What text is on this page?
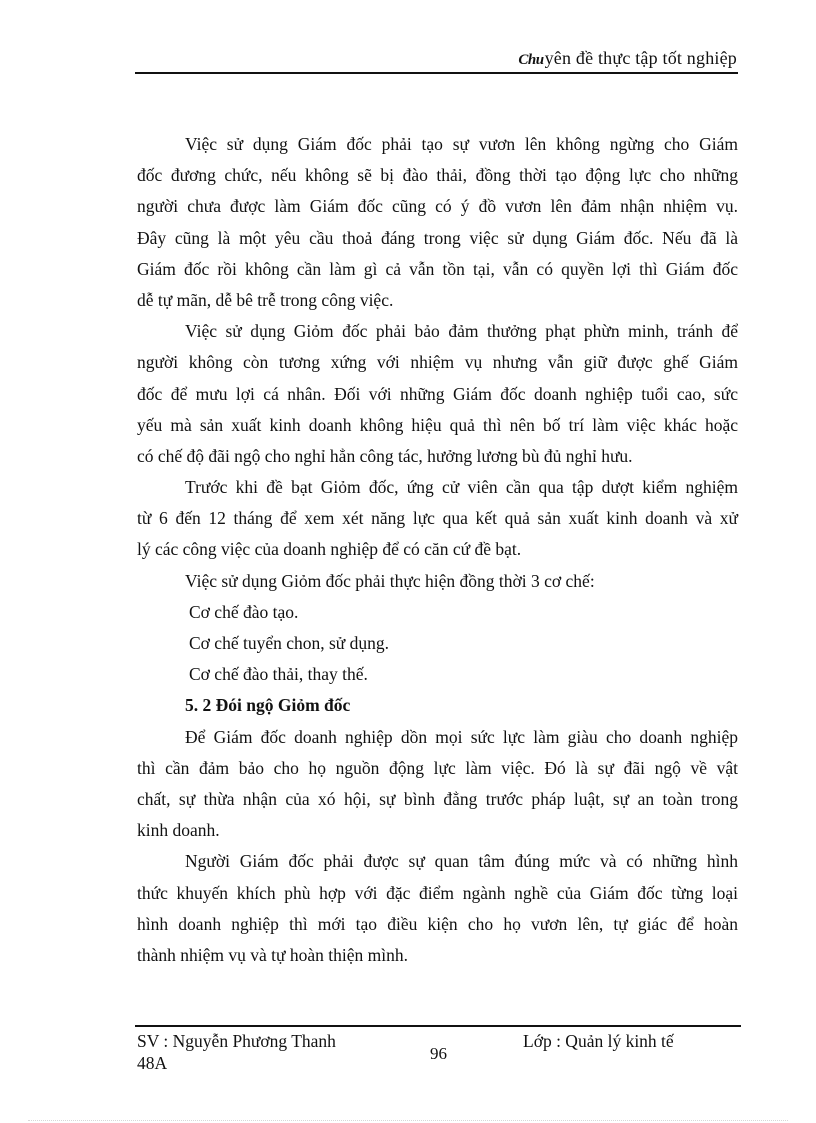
Chuyên đề thực tập tốt nghiệp
Việc sử dụng Giám đốc phải tạo sự vươn lên không ngừng cho Giám
đốc đương chức, nếu không sẽ bị đào thải, đồng thời tạo động lực cho những
người chưa được làm Giám đốc cũng có ý đồ vươn lên đảm nhận nhiệm vụ.
Đây cũng là một yêu cầu thoả đáng trong việc sử dụng Giám đốc. Nếu đã là
Giám đốc rồi không cần làm gì cả vẫn tồn tại, vẫn có quyền lợi thì Giám đốc
dễ tự mãn, dễ bê trễ trong công việc.
Việc sử dụng Giỏm đốc phải bảo đảm thưởng phạt phừn minh, tránh để
người không còn tương xứng với nhiệm vụ nhưng vẫn giữ được ghế Giám
đốc để mưu lợi cá nhân. Đối với những Giám đốc doanh nghiệp tuổi cao, sức
yếu mà sản xuất kinh doanh không hiệu quả thì nên bố trí làm việc khác hoặc
có chế độ đãi ngộ cho nghỉ hẳn công tác, hưởng lương bù đủ nghỉ hưu.
Trước khi đề bạt Giỏm đốc, ứng cử viên cần qua tập dượt kiểm nghiệm
từ 6 đến 12 tháng để xem xét năng lực qua kết quả sản xuất kinh doanh và xử
lý các công việc của doanh nghiệp để có căn cứ đề bạt.
Việc sử dụng Giỏm đốc phải thực hiện đồng thời 3 cơ chế:
Cơ chế đào tạo.
Cơ chế tuyển chon, sử dụng.
Cơ chế đào thải, thay thế.
5. 2 Đói ngộ Giỏm đốc
Để Giám đốc doanh nghiệp dồn mọi sức lực làm giàu cho doanh nghiệp
thì cần đảm bảo cho họ nguồn động lực làm việc. Đó là sự đãi ngộ về vật
chất, sự thừa nhận của xó hội, sự bình đẳng trước pháp luật, sự an toàn trong
kinh doanh.
Người Giám đốc phải được sự quan tâm đúng mức và có những hình
thức khuyến khích phù hợp với đặc điểm ngành nghề của Giám đốc từng loại
hình doanh nghiệp thì mới tạo điều kiện cho họ vươn lên, tự giác để hoàn
thành nhiệm vụ và tự hoàn thiện mình.
SV : Nguyễn Phương Thanh
48A	96
Lớp : Quản lý kinh tế
